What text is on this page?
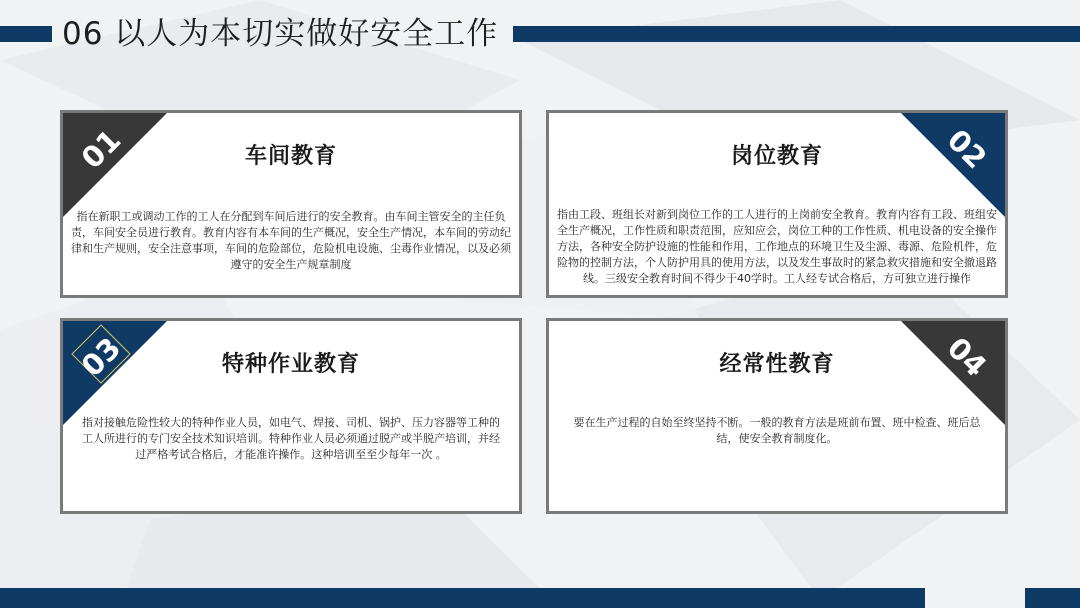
06 以人为本切实做好安全工作
01	车间教育

指在新职工或调动工作的工人在分配到车间后进行的安全教育。由车间主管安全的主任负责，车间安全员进行教育。教育内容有本车间的生产概况，安全生产情况，本车间的劳动纪律和生产规则，安全注意事项，车间的危险部位，危险机电设施、尘毒作业情况，以及必须遵守的安全生产规章制度

02
岗位教育

指由工段、班组长对新到岗位工作的工人进行的上岗前安全教育。教育内容有工段、班组安全生产概况，工作性质和职责范围，应知应会，岗位工种的工作性质、机电设备的安全操作方法，各种安全防护设施的性能和作用，工作地点的环境卫生及尘源、毒源、危险机件，危险物的控制方法，个人防护用具的使用方法，以及发生事故时的紧急救灾措施和安全撤退路线。三级安全教育时间不得少于40学时。工人经专试合格后，方可独立进行操作

03	特种作业教育

指对接触危险性较大的特种作业人员，如电气、焊接、司机、锅护、压力容器等工种的工人所进行的专门安全技术知识培训。特种作业人员必须通过脱产或半脱产培训，并经过严格考试合格后，才能准许操作。这种培训至至少每年一次 。

04
经常性教育

要在生产过程的自始至终坚持不断。一般的教育方法是班前布置、班中检查、班后总结，使安全教育制度化。
